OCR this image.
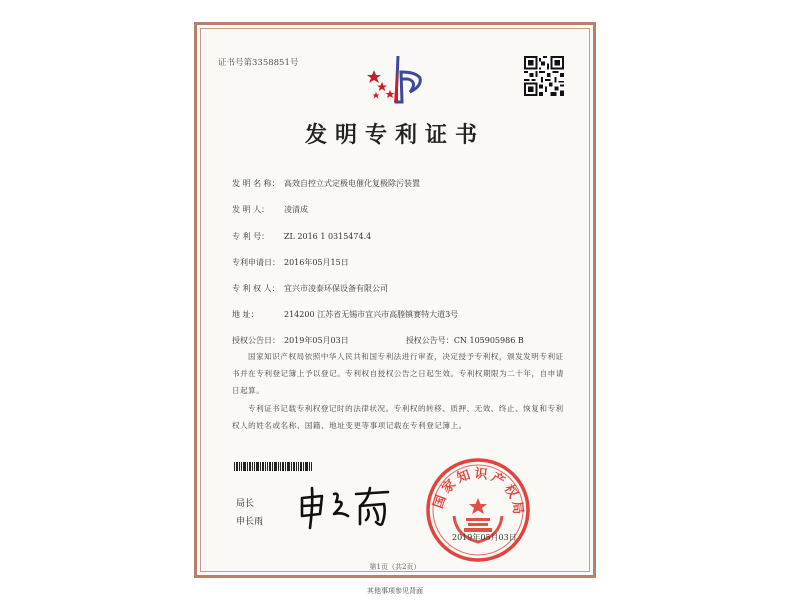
证书号第3358851号
发明专利证书
发 明 名 称： 高效自控立式定极电催化复极除污装置
发 明 人： 凌清成
专 利 号： ZL 2016 1 0315474.4
专利申请日： 2016年05月15日
专 利 权 人： 宜兴市凌泰环保设备有限公司
地 址：	214200 江苏省无锡市宜兴市高塍镇赛特大道3号
授权公告日： 2019年05月03日	授权公告号：CN 105905986 B
国家知识产权局依照中华人民共和国专利法进行审查，决定授予专利权，颁发发明专利证书并在专利登记簿上予以登记。专利权自授权公告之日起生效。专利权期限为二十年，自申请日起算。
专利证书记载专利权登记时的法律状况。专利权的转移、质押、无效、终止、恢复和专利权人的姓名或名称、国籍、地址变更等事项记载在专利登记簿上。
局长
申长雨
国家知识产权局
2019年05月03日
第1页（共2页）
其他事项参见背面
